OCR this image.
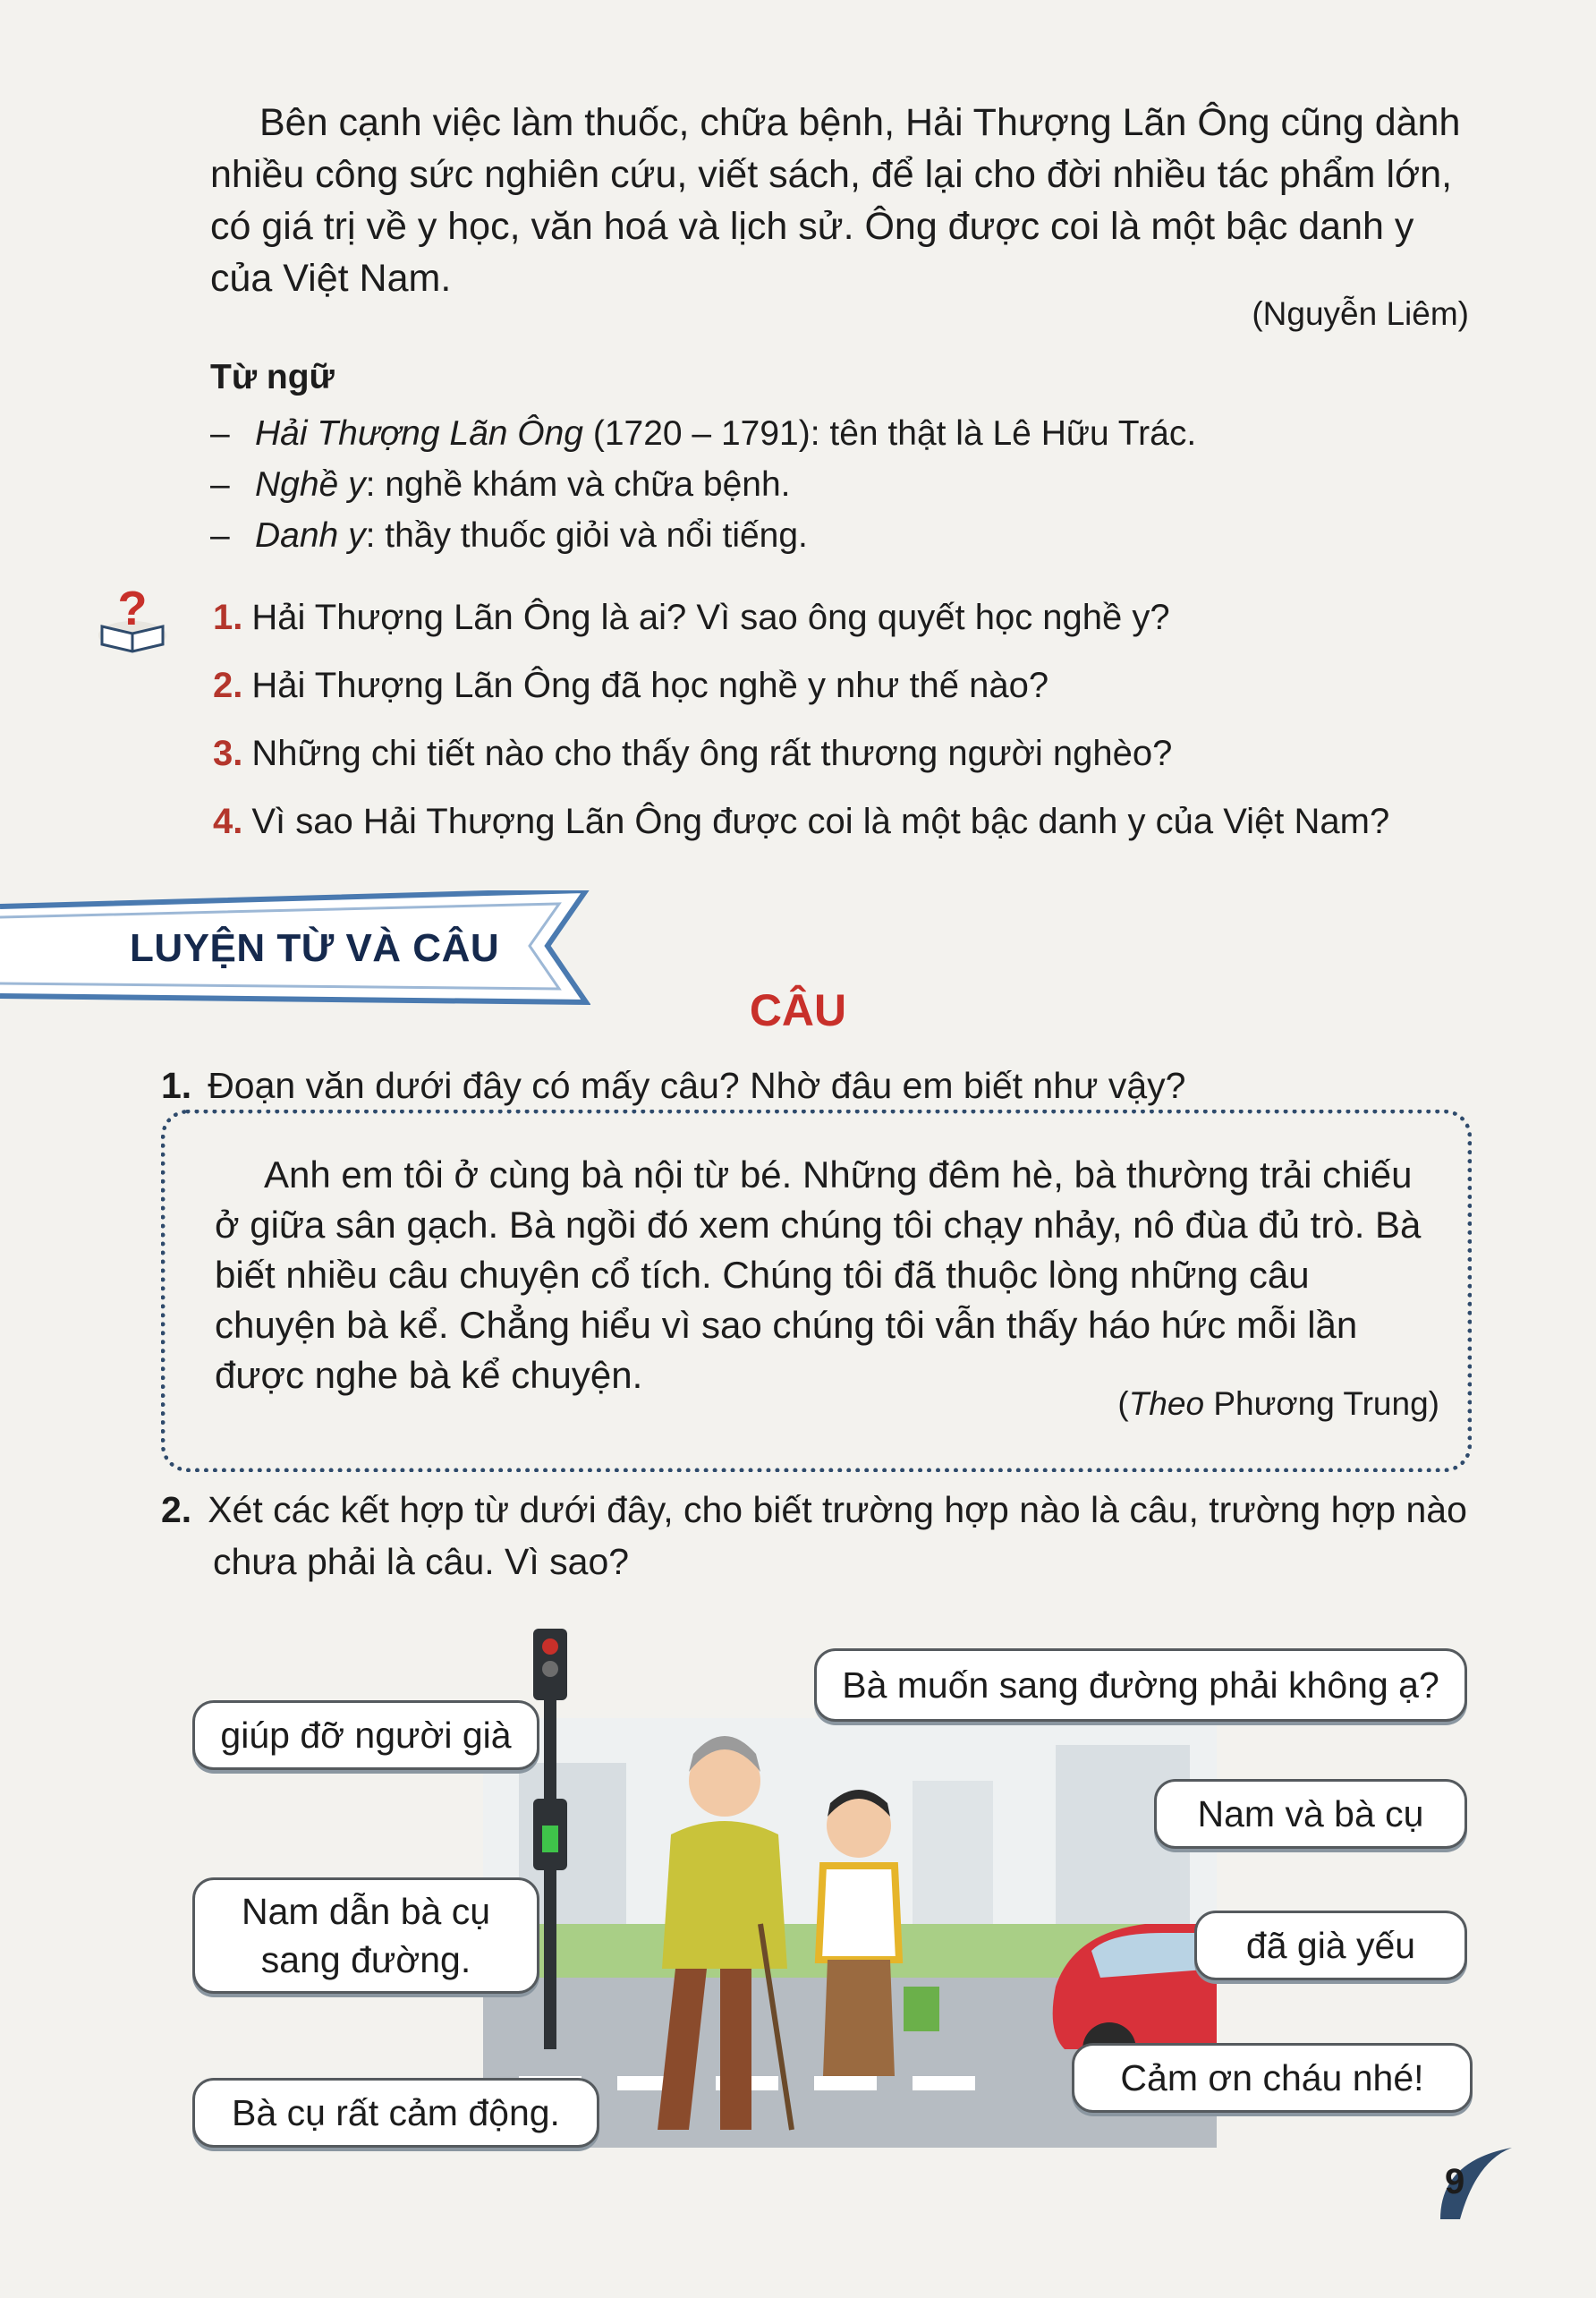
Bên cạnh việc làm thuốc, chữa bệnh, Hải Thượng Lãn Ông cũng dành nhiều công sức nghiên cứu, viết sách, để lại cho đời nhiều tác phẩm lớn, có giá trị về y học, văn hoá và lịch sử. Ông được coi là một bậc danh y của Việt Nam.
(Nguyễn Liêm)
Từ ngữ
– Hải Thượng Lãn Ông (1720 – 1791): tên thật là Lê Hữu Trác.
– Nghề y: nghề khám và chữa bệnh.
– Danh y: thầy thuốc giỏi và nổi tiếng.
? 1. Hải Thượng Lãn Ông là ai? Vì sao ông quyết học nghề y?
2. Hải Thượng Lãn Ông đã học nghề y như thế nào?
3. Những chi tiết nào cho thấy ông rất thương người nghèo?
4. Vì sao Hải Thượng Lãn Ông được coi là một bậc danh y của Việt Nam?
LUYỆN TỪ VÀ CÂU
CÂU
1. Đoạn văn dưới đây có mấy câu? Nhờ đâu em biết như vậy?
Anh em tôi ở cùng bà nội từ bé. Những đêm hè, bà thường trải chiếu ở giữa sân gạch. Bà ngồi đó xem chúng tôi chạy nhảy, nô đùa đủ trò. Bà biết nhiều câu chuyện cổ tích. Chúng tôi đã thuộc lòng những câu chuyện bà kể. Chẳng hiểu vì sao chúng tôi vẫn thấy háo hức mỗi lần được nghe bà kể chuyện.
(Theo Phương Trung)
2. Xét các kết hợp từ dưới đây, cho biết trường hợp nào là câu, trường hợp nào
chưa phải là câu. Vì sao?
giúp đỡ người già
Nam dẫn bà cụ
sang đường.
Bà cụ rất cảm động.
Bà muốn sang đường phải không ạ?
Nam và bà cụ
đã già yếu
Cảm ơn cháu nhé!
9
